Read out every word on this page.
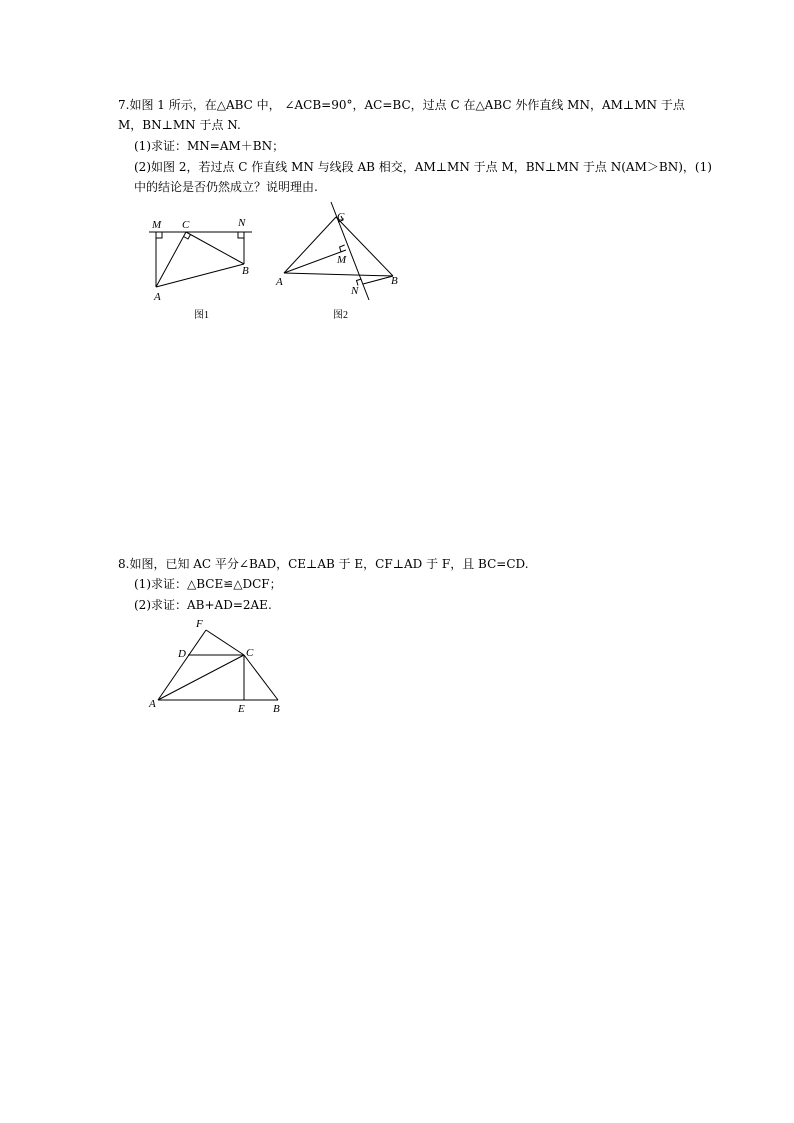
7.如图 1 所示，在△ABC 中， ∠ACB=90°，AC=BC，过点 C 在△ABC 外作直线 MN，AM⊥MN 于点
M，BN⊥MN 于点 N.
(1)求证：MN=AM＋BN；
(2)如图 2，若过点 C 作直线 MN 与线段 AB 相交，AM⊥MN 于点 M，BN⊥MN 于点 N(AM＞BN)，(1)
中的结论是否仍然成立？说明理由.
M C	N
B
A
图1
C
M
A	B
N
图2
8.如图，已知 AC 平分∠BAD，CE⊥AB 于 E，CF⊥AD 于 F，且 BC=CD.
(1)求证：△BCE≌△DCF；
(2)求证：AB+AD=2AE.
F
D	C
A	E	B
